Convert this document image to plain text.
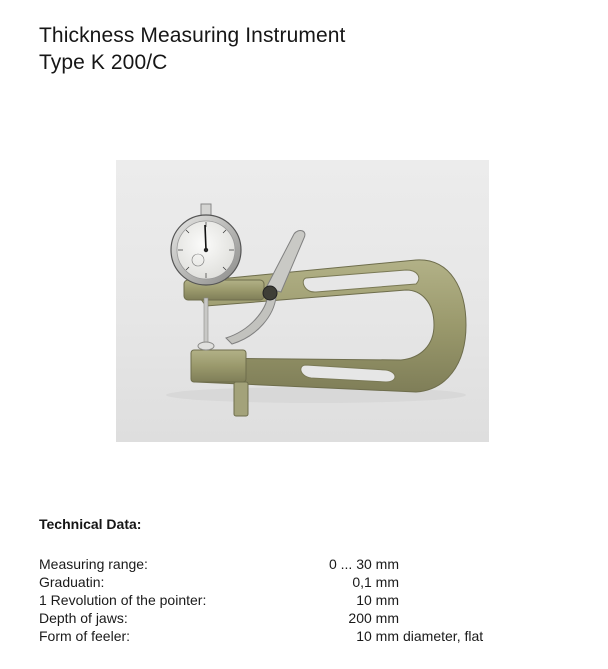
Thickness Measuring Instrument
Type K 200/C
Technical Data:
Measuring range:	0 ... 30 mm
Graduatin:	0,1 mm
1 Revolution of the pointer:	10 mm
Depth of jaws:	200 mm
Form of feeler:	10 mm diameter, flat
